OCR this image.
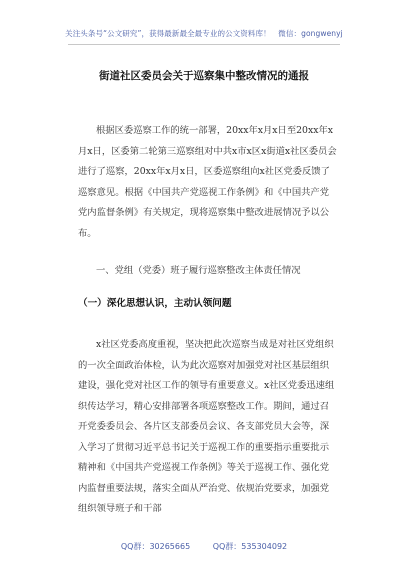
关注头条号“公文研究”，获得最新最全最专业的公文资料库！　微信：gongwenyj
街道社区委员会关于巡察集中整改情况的通报
根据区委巡察工作的统一部署，20xx年x月x日至20xx年x月x日，区委第二轮第三巡察组对中共x市x区x街道x社区委员会进行了巡察，20xx年x月x日，区委巡察组向x社区党委反馈了巡察意见。根据《中国共产党巡视工作条例》和《中国共产党党内监督条例》有关规定，现将巡察集中整改进展情况予以公布。
一、党组（党委）班子履行巡察整改主体责任情况
（一）深化思想认识，主动认领问题
x社区党委高度重视，坚决把此次巡察当成是对社区党组织的一次全面政治体检，认为此次巡察对加强党对社区基层组织建设，强化党对社区工作的领导有重要意义。x社区党委迅速组织传达学习，精心安排部署各项巡察整改工作。期间，通过召开党委委员会、各片区支部委员会议、各支部党员大会等，深入学习了贯彻习近平总书记关于巡视工作的重要指示重要批示精神和《中国共产党巡视工作条例》等关于巡视工作、强化党内监督重要法规，落实全面从严治党、依规治党要求，加强党组织领导班子和干部
QQ群：30265665	QQ群：535304092
